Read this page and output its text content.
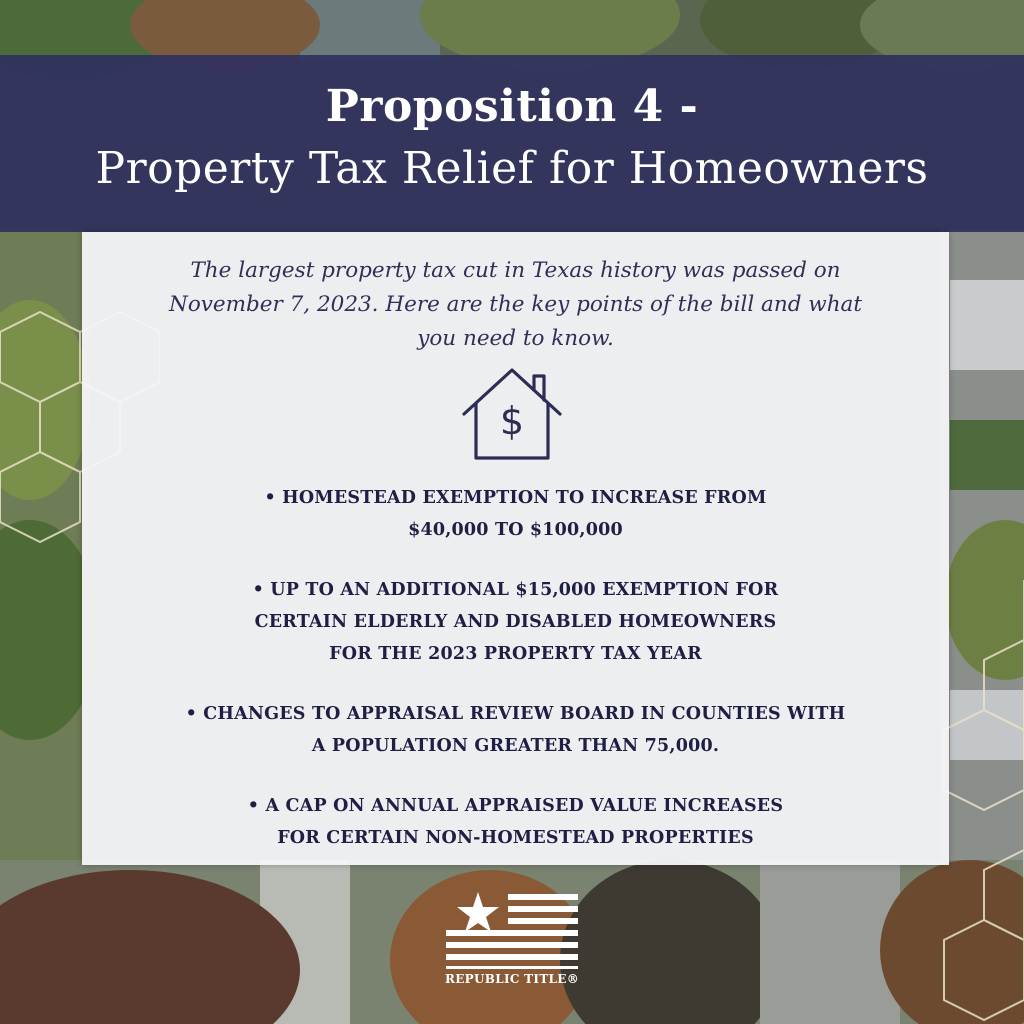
Proposition 4 -
Property Tax Relief for Homeowners
The largest property tax cut in Texas history was passed on
November 7, 2023. Here are the key points of the bill and what
you need to know.
$
• HOMESTEAD EXEMPTION TO INCREASE FROM
$40,000 TO $100,000
• UP TO AN ADDITIONAL $15,000 EXEMPTION FOR
CERTAIN ELDERLY AND DISABLED HOMEOWNERS
FOR THE 2023 PROPERTY TAX YEAR
• CHANGES TO APPRAISAL REVIEW BOARD IN COUNTIES WITH
A POPULATION GREATER THAN 75,000.
• A CAP ON ANNUAL APPRAISED VALUE INCREASES
FOR CERTAIN NON-HOMESTEAD PROPERTIES
REPUBLIC TITLE®
